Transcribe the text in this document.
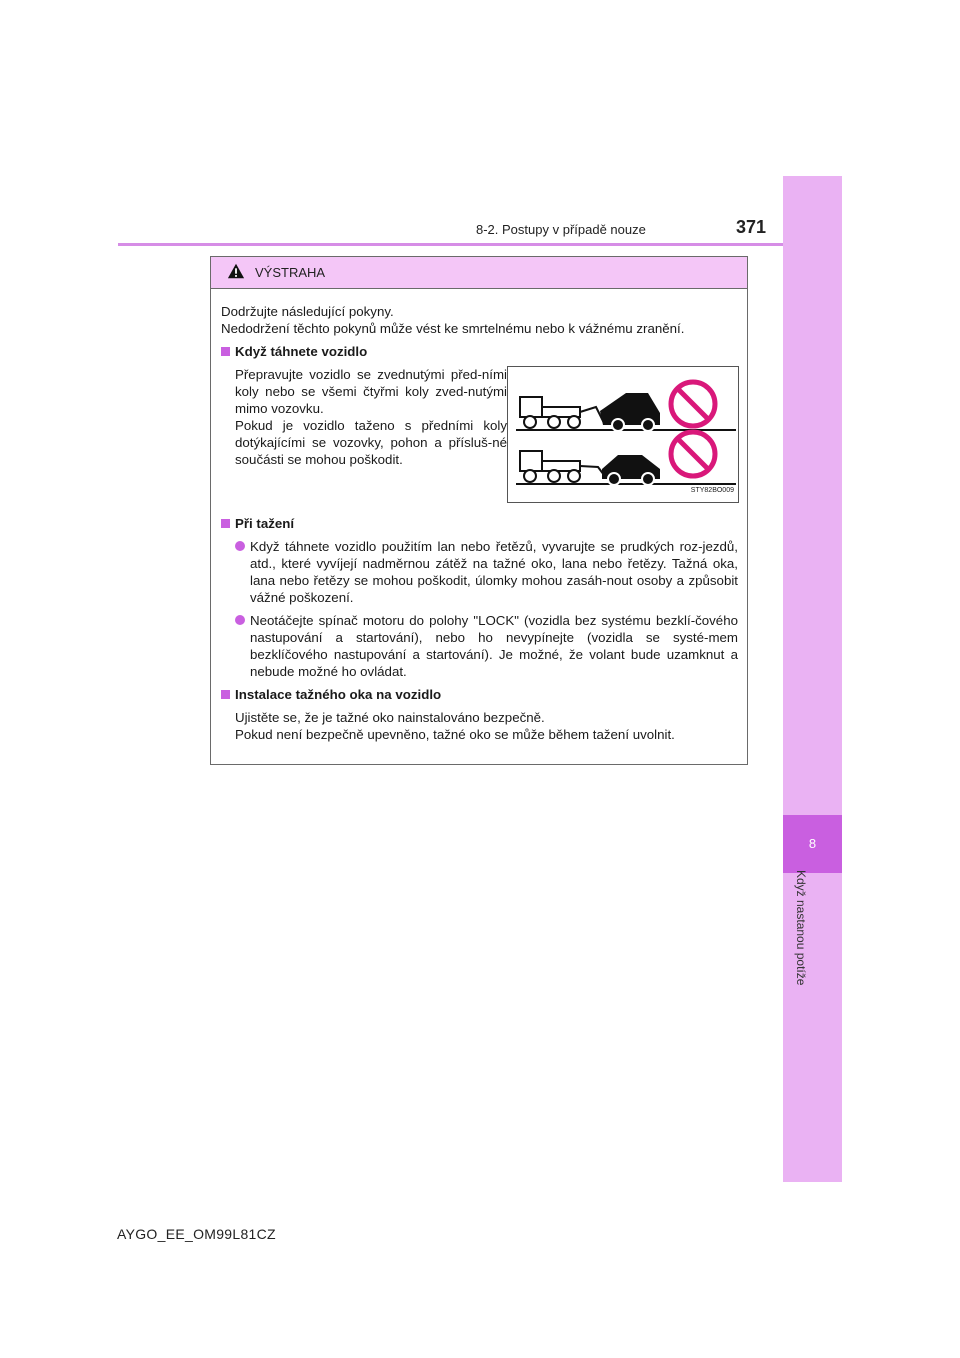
8-2. Postupy v případě nouze	371
8
Když nastanou potíže
VÝSTRAHA

Dodržujte následující pokyny.

Nedodržení těchto pokynů může vést ke smrtelnému nebo k vážnému zranění.

Když táhnete vozidlo

Přepravujte vozidlo se zvednutými před-ními koly nebo se všemi čtyřmi koly zved-nutými mimo vozovku.

Pokud je vozidlo taženo s předními koly dotýkajícími se vozovky, pohon a přísluš-né součásti se mohou poškodit.

STY82BO009
Při tažení
Když táhnete vozidlo použitím lan nebo řetězů, vyvarujte se prudkých roz-jezdů, atd., které vyvíjejí nadměrnou zátěž na tažné oko, lana nebo řetězy. Tažná oka, lana nebo řetězy se mohou poškodit, úlomky mohou zasáh-nout osoby a způsobit vážné poškození.
Neotáčejte spínač motoru do polohy "LOCK" (vozidla bez systému bezklí-čového nastupování a startování), nebo ho nevypínejte (vozidla se systé-mem bezklíčového nastupování a startování). Je možné, že volant bude uzamknut a nebude možné ho ovládat.
Instalace tažného oka na vozidlo

Ujistěte se, že je tažné oko nainstalováno bezpečně.

Pokud není bezpečně upevněno, tažné oko se může během tažení uvolnit.

AYGO_EE_OM99L81CZ
